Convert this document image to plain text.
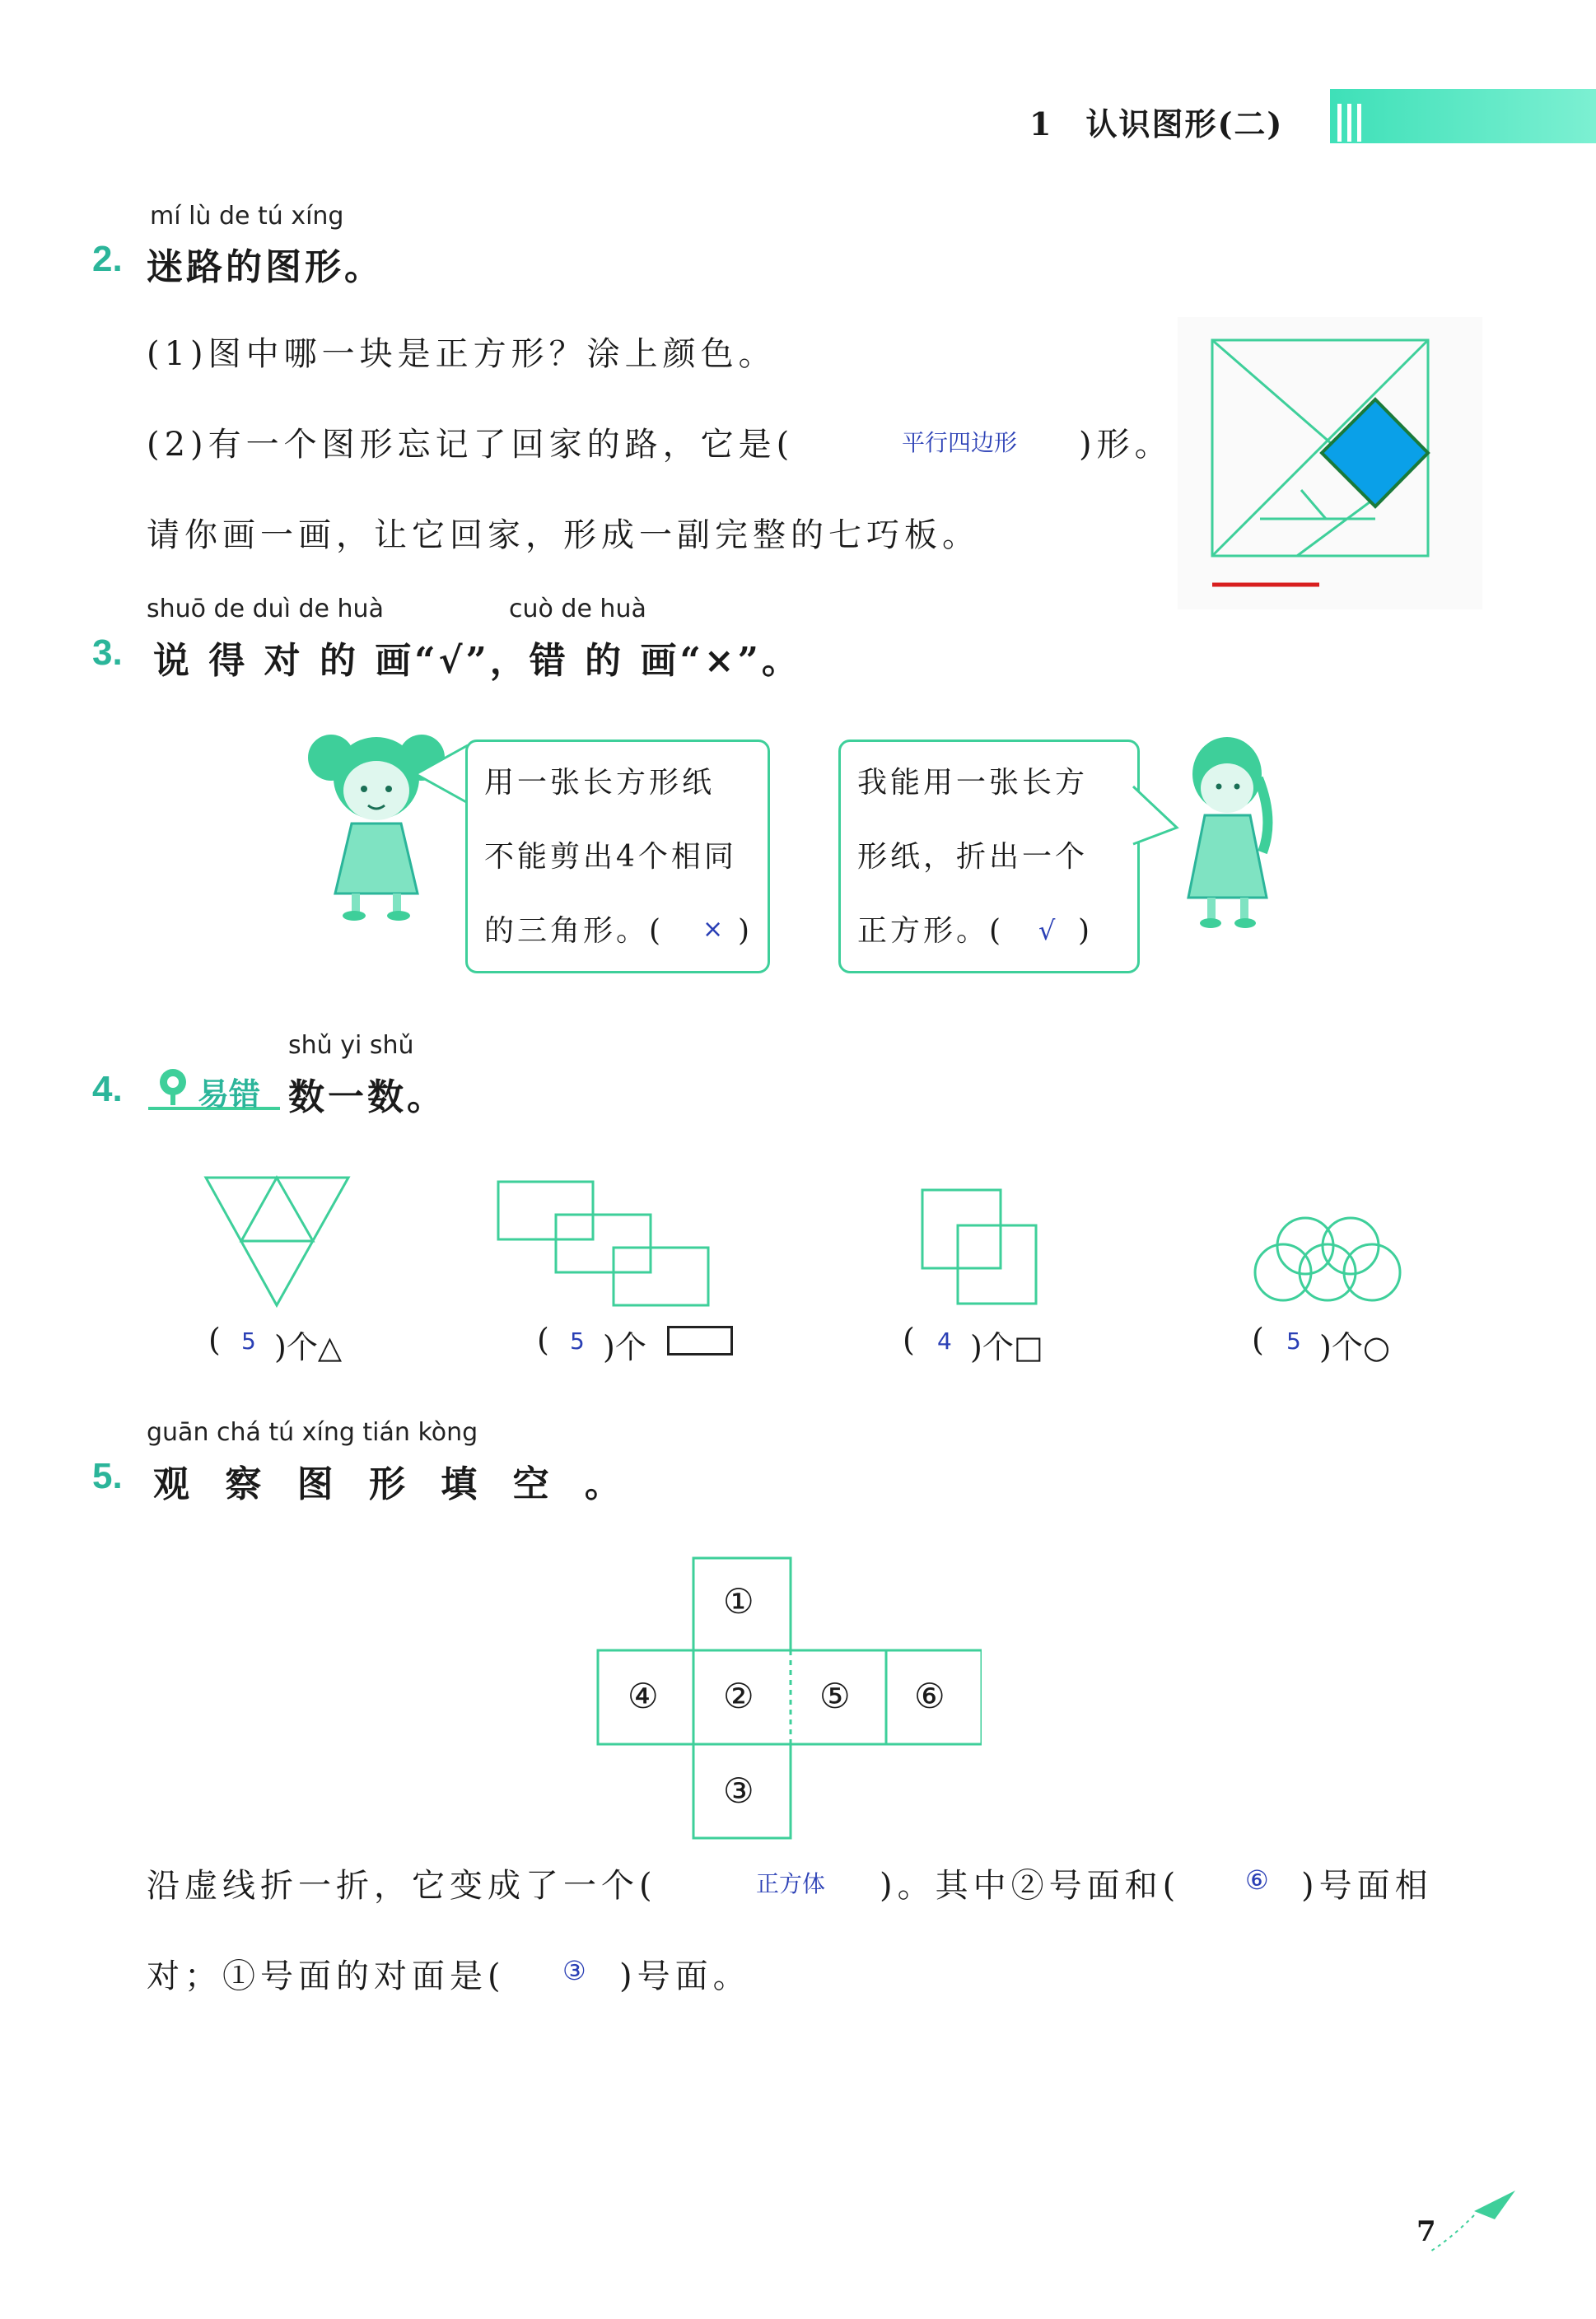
1　认识图形(二)
mí lù de tú xíng
2. 迷路的图形。
(1)图中哪一块是正方形？涂上颜色。
(2)有一个图形忘记了回家的路，它是(	平行四边形 )形。
请你画一画，让它回家，形成一副完整的七巧板。
shuō de duì de huà	cuò de huà
3. 说 得 对 的 画“√”，错 的 画“×”。
用一张长方形纸
不能剪出4个相同
的三角形。( × )
我能用一张长方
形纸，折出一个
正方形。( √ )
shǔ yi shǔ
4. 易错 数一数。
( 5 )个△	( 5 )个	( 4 )个□	( 5 )个○
guān chá tú xíng tián kòng
5. 观 察 图 形 填 空 。
①
④ ② ⑤ ⑥
③
沿虚线折一折，它变成了一个(	正方体 )。其中②号面和( ⑥ )号面相
对；①号面的对面是( ③ )号面。
7
